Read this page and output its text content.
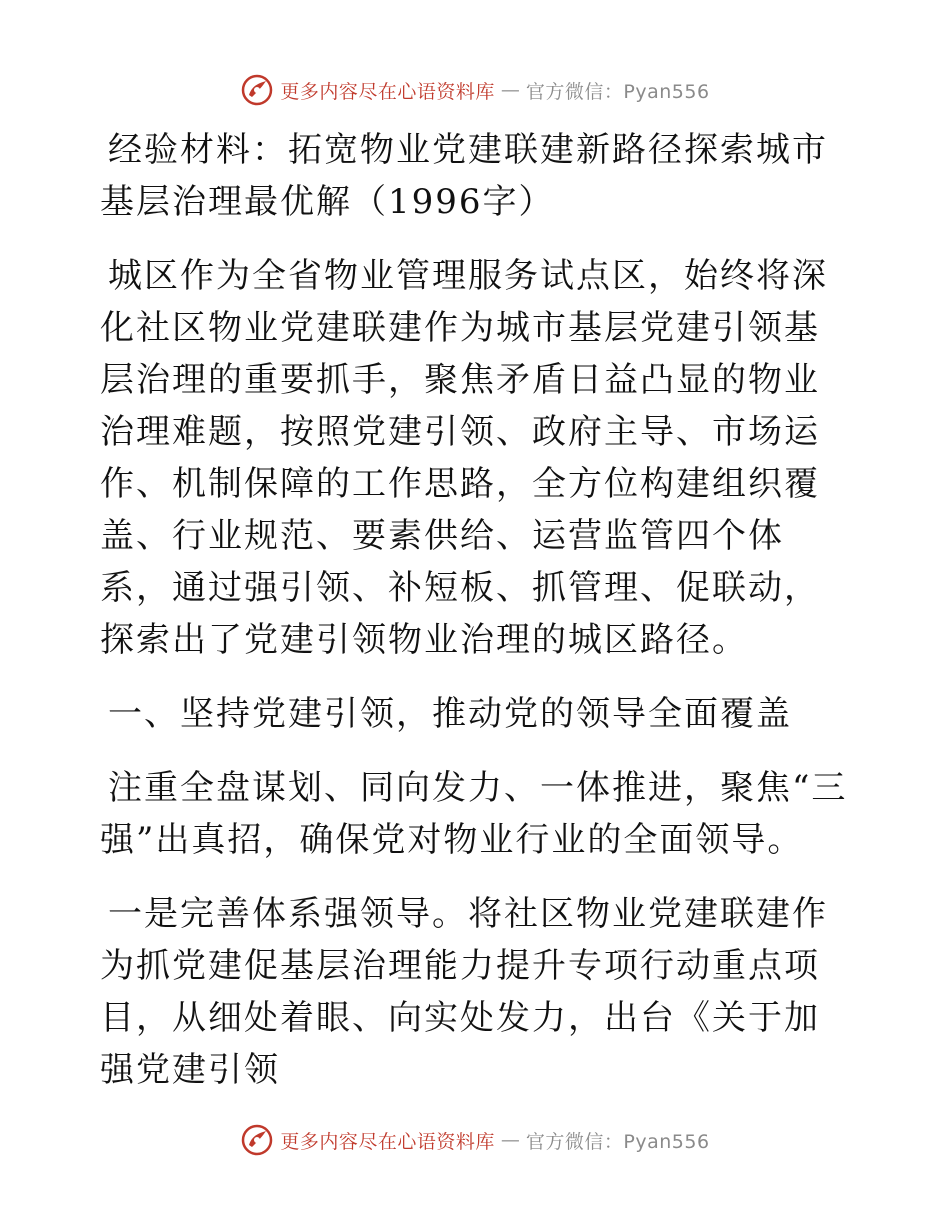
更多内容尽在心语资料库 — 官方微信：Pyan556

经验材料：拓宽物业党建联建新路径探索城市基层治理最优解（1996字）

城区作为全省物业管理服务试点区，始终将深化社区物业党建联建作为城市基层党建引领基层治理的重要抓手，聚焦矛盾日益凸显的物业治理难题，按照党建引领、政府主导、市场运作、机制保障的工作思路，全方位构建组织覆盖、行业规范、要素供给、运营监管四个体系，通过强引领、补短板、抓管理、促联动，探索出了党建引领物业治理的城区路径。

一、坚持党建引领，推动党的领导全面覆盖

注重全盘谋划、同向发力、一体推进，聚焦“三强”出真招，确保党对物业行业的全面领导。

一是完善体系强领导。将社区物业党建联建作为抓党建促基层治理能力提升专项行动重点项目，从细处着眼、向实处发力，出台《关于加强党建引领

更多内容尽在心语资料库 — 官方微信：Pyan556
